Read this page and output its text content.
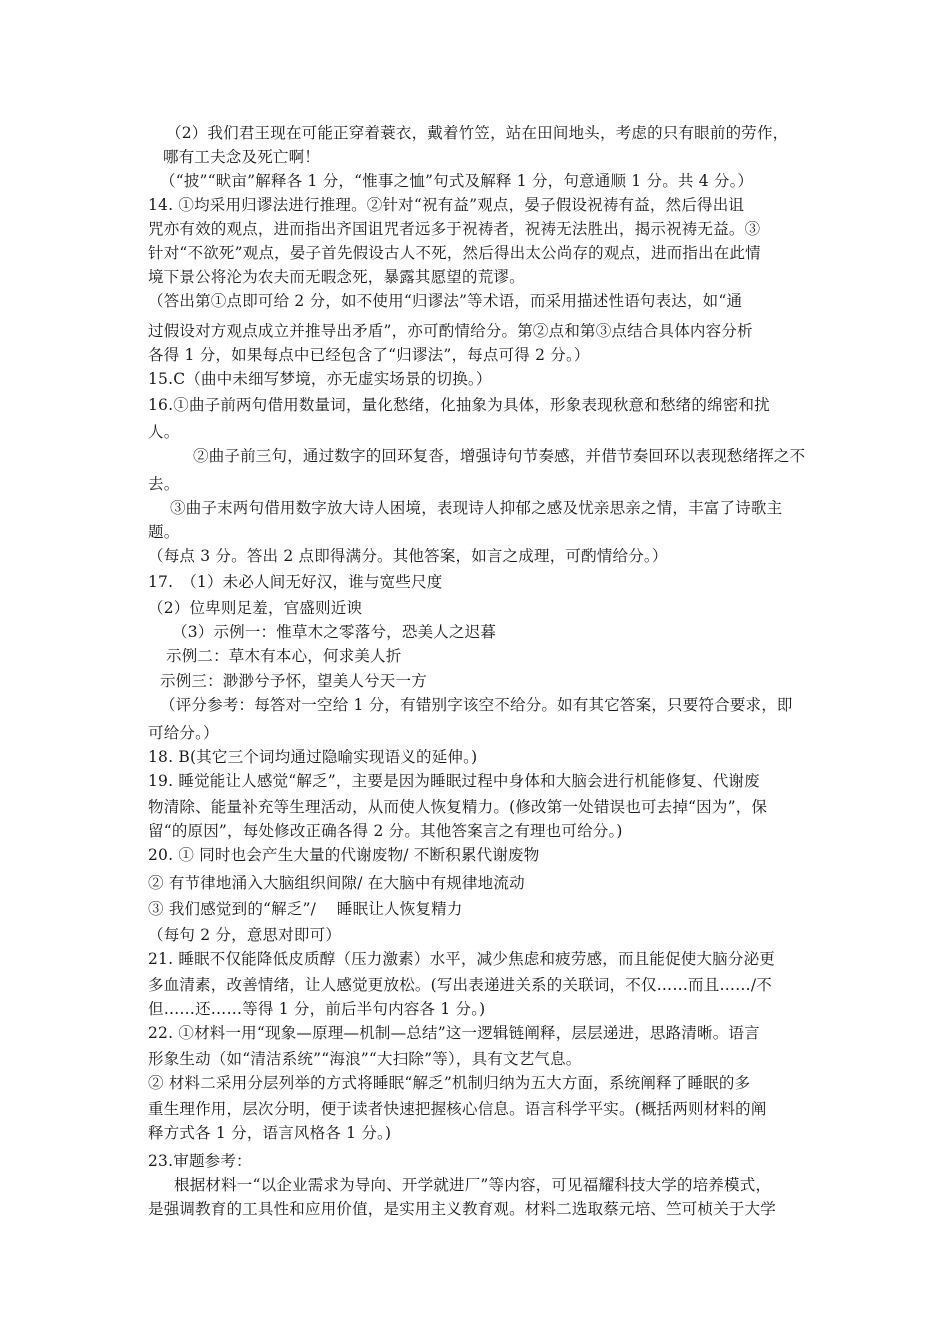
（2）我们君王现在可能正穿着蓑衣，戴着竹笠，站在田间地头，考虑的只有眼前的劳作，

哪有工夫念及死亡啊！

（“披”“畎亩”解释各 1 分，“惟事之恤”句式及解释 1 分，句意通顺 1 分。共 4 分。）

14. ①均采用归谬法进行推理。②针对“祝有益”观点，晏子假设祝祷有益，然后得出诅

咒亦有效的观点，进而指出齐国诅咒者远多于祝祷者，祝祷无法胜出，揭示祝祷无益。③

针对“不欲死”观点，晏子首先假设古人不死，然后得出太公尚存的观点，进而指出在此情

境下景公将沦为农夫而无暇念死，暴露其愿望的荒谬。

（答出第①点即可给 2 分，如不使用“归谬法”等术语，而采用描述性语句表达，如“通

过假设对方观点成立并推导出矛盾”，亦可酌情给分。第②点和第③点结合具体内容分析

各得 1 分，如果每点中已经包含了“归谬法”，每点可得 2 分。）

15.C（曲中未细写梦境，亦无虚实场景的切换。）

16.①曲子前两句借用数量词，量化愁绪，化抽象为具体，形象表现秋意和愁绪的绵密和扰

人。

②曲子前三句，通过数字的回环复沓，增强诗句节奏感，并借节奏回环以表现愁绪挥之不

去。

③曲子末两句借用数字放大诗人困境，表现诗人抑郁之感及忧亲思亲之情，丰富了诗歌主

题。

（每点 3 分。答出 2 点即得满分。其他答案，如言之成理，可酌情给分。）

17.　（1）未必人间无好汉，谁与宽些尺度

（2）位卑则足羞，官盛则近谀

（3）示例一：惟草木之零落兮，恐美人之迟暮

示例二：草木有本心，何求美人折

示例三：渺渺兮予怀，望美人兮天一方

（评分参考：每答对一空给 1 分，有错别字该空不给分。如有其它答案，只要符合要求，即

可给分。）

18. B(其它三个词均通过隐喻实现语义的延伸。)

19. 睡觉能让人感觉“解乏”，主要是因为睡眠过程中身体和大脑会进行机能修复、代谢废

物清除、能量补充等生理活动，从而使人恢复精力。(修改第一处错误也可去掉“因为”，保

留“的原因”，每处修改正确各得 2 分。其他答案言之有理也可给分。)

20. ① 同时也会产生大量的代谢废物/ 不断积累代谢废物

② 有节律地涌入大脑组织间隙/ 在大脑中有规律地流动

③ 我们感觉到的“解乏”/　 睡眠让人恢复精力

（每句 2 分，意思对即可）

21. 睡眠不仅能降低皮质醇（压力激素）水平，减少焦虑和疲劳感，而且能促使大脑分泌更

多血清素，改善情绪，让人感觉更放松。(写出表递进关系的关联词，不仅……而且……/不

但……还……等得 1 分，前后半句内容各 1 分。)

22. ①材料一用“现象—原理—机制—总结”这一逻辑链阐释，层层递进，思路清晰。语言

形象生动（如“清洁系统”“海浪”“大扫除”等），具有文艺气息。

② 材料二采用分层列举的方式将睡眠“解乏”机制归纳为五大方面，系统阐释了睡眠的多

重生理作用，层次分明，便于读者快速把握核心信息。语言科学平实。(概括两则材料的阐

释方式各 1 分，语言风格各 1 分。)

23.审题参考：

根据材料一“以企业需求为导向、开学就进厂”等内容，可见福耀科技大学的培养模式，

是强调教育的工具性和应用价值，是实用主义教育观。材料二选取蔡元培、竺可桢关于大学
